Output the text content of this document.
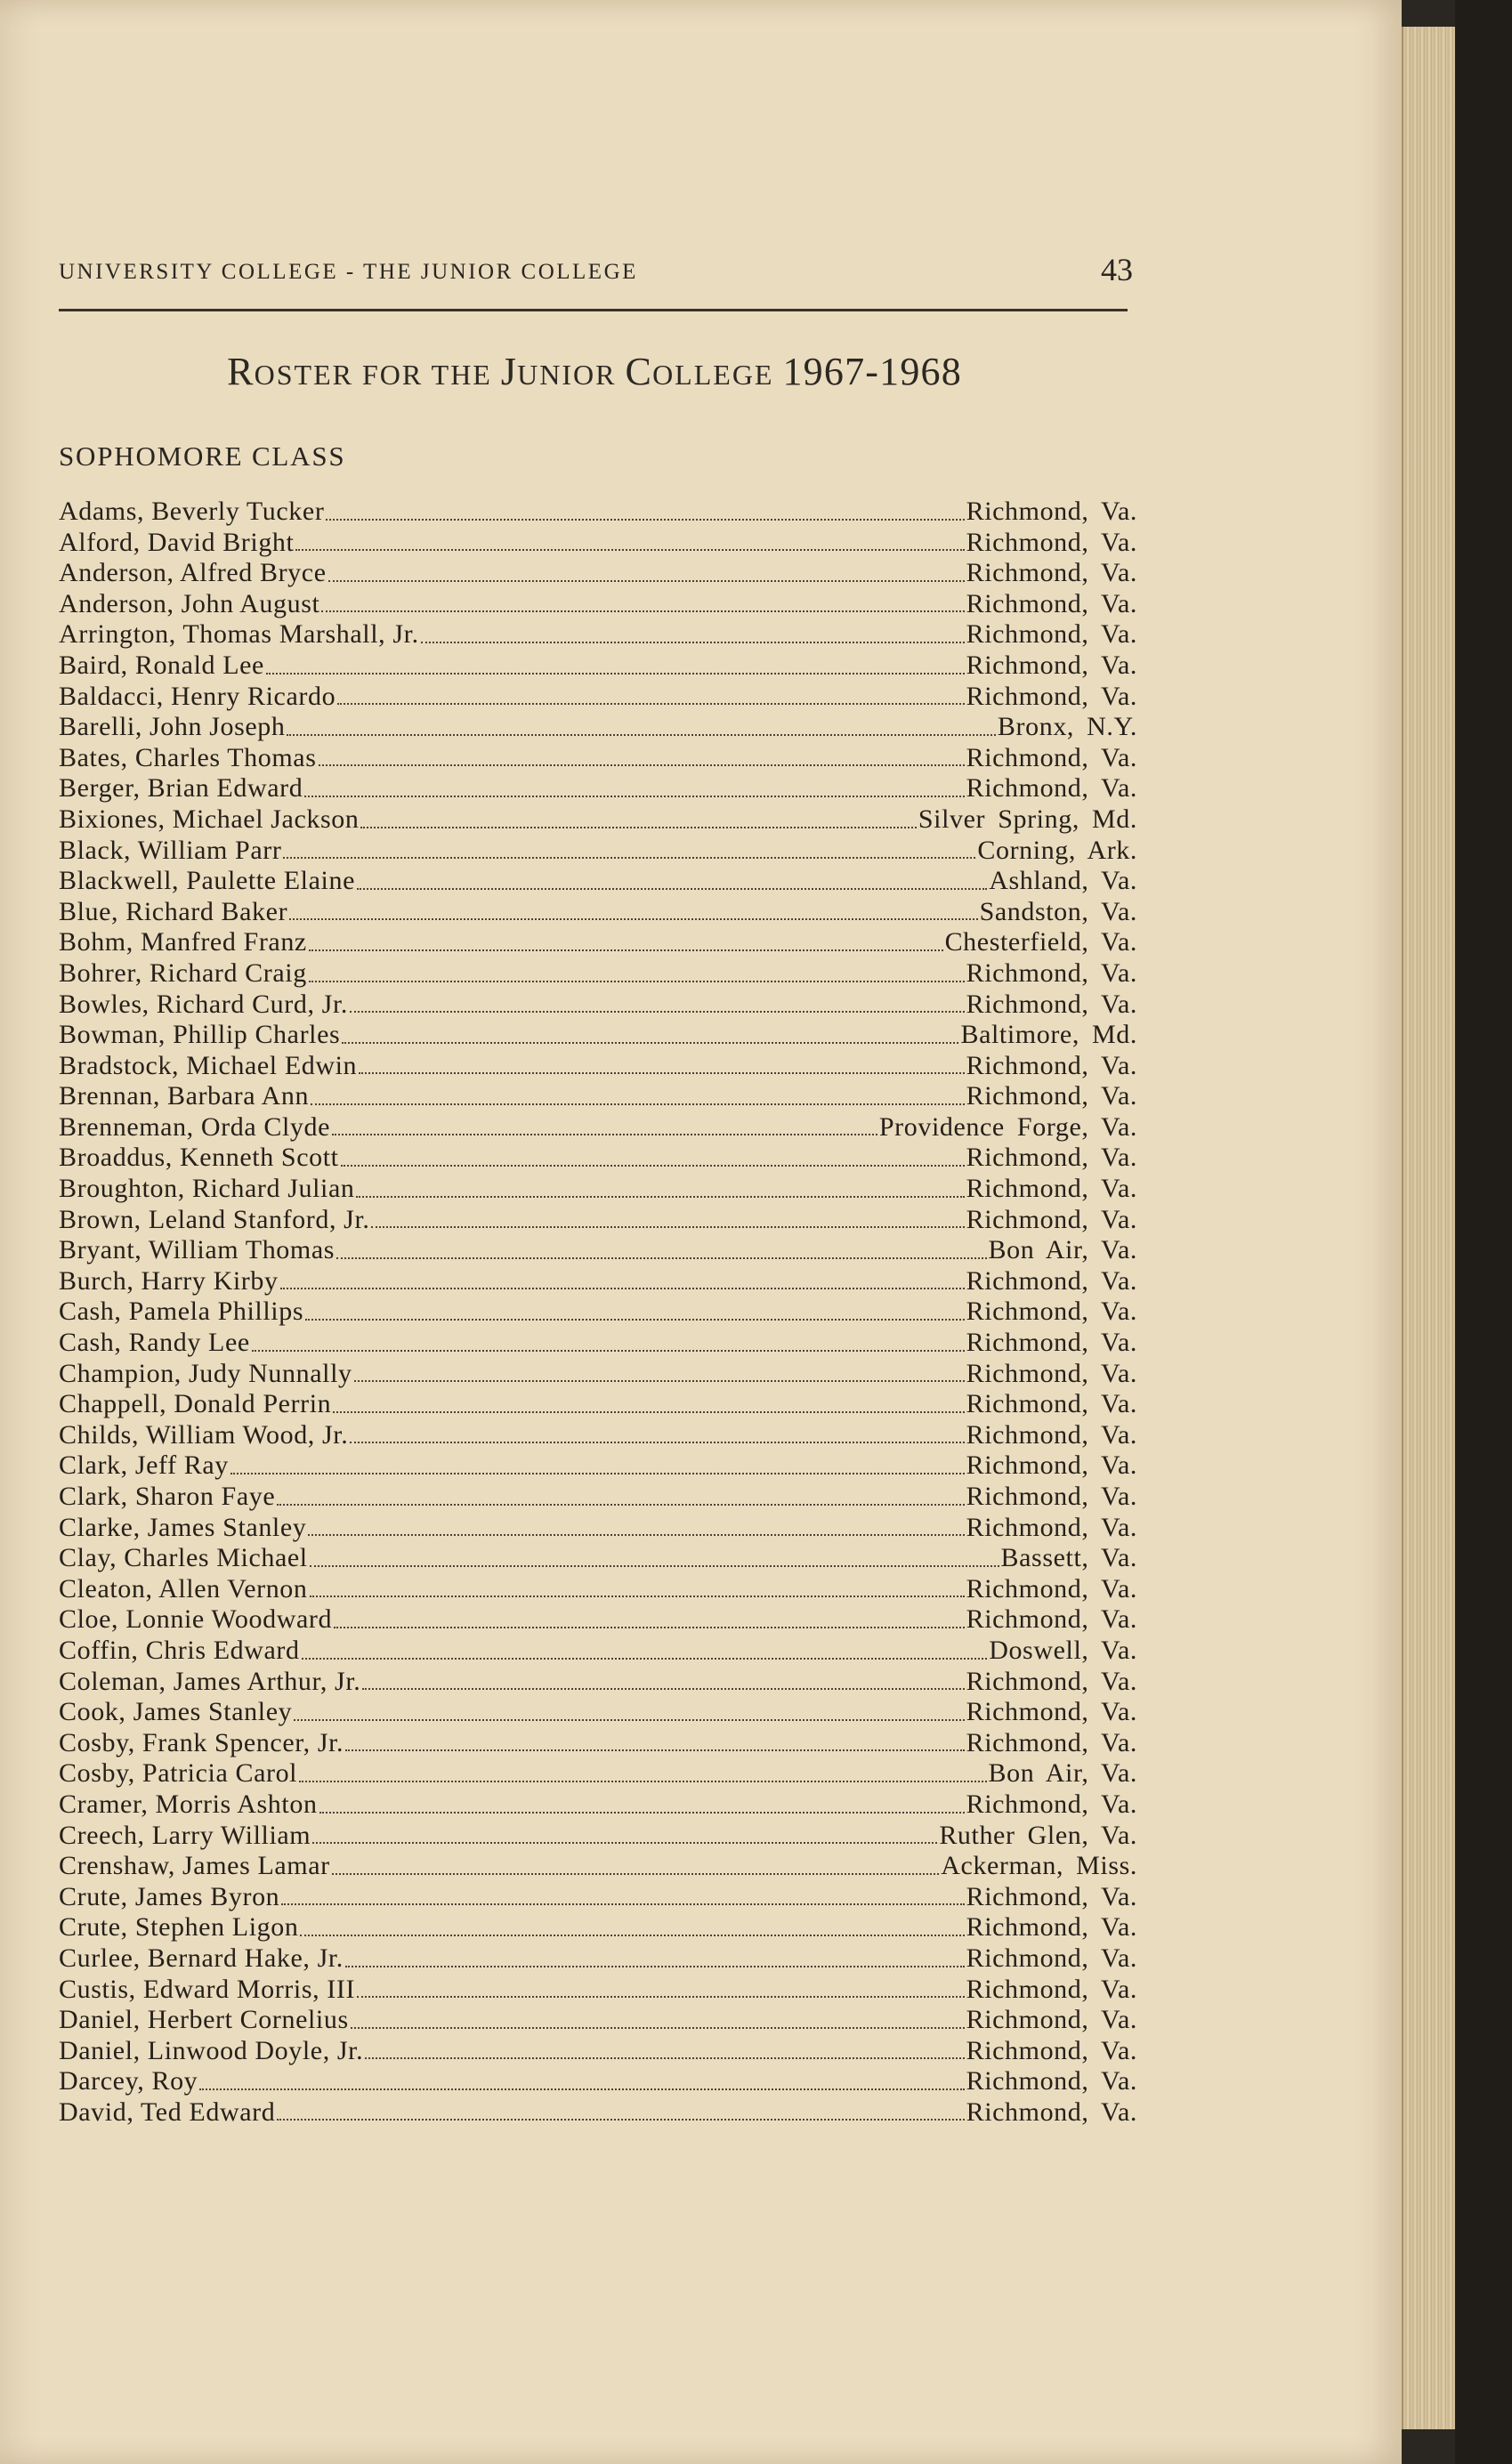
UNIVERSITY COLLEGE - THE JUNIOR COLLEGE	43
ROSTER FOR THE JUNIOR COLLEGE 1967-1968
SOPHOMORE CLASS
Adams, Beverly Tucker	Richmond, Va.
Alford, David Bright	Richmond, Va.
Anderson, Alfred Bryce	Richmond, Va.
Anderson, John August	Richmond, Va.
Arrington, Thomas Marshall, Jr.	Richmond, Va.
Baird, Ronald Lee	Richmond, Va.
Baldacci, Henry Ricardo	Richmond, Va.
Barelli, John Joseph	Bronx, N.Y.
Bates, Charles Thomas	Richmond, Va.
Berger, Brian Edward	Richmond, Va.
Bixiones, Michael Jackson	Silver Spring, Md.
Black, William Parr	Corning, Ark.
Blackwell, Paulette Elaine	Ashland, Va.
Blue, Richard Baker	Sandston, Va.
Bohm, Manfred Franz	Chesterfield, Va.
Bohrer, Richard Craig	Richmond, Va.
Bowles, Richard Curd, Jr.	Richmond, Va.
Bowman, Phillip Charles	Baltimore, Md.
Bradstock, Michael Edwin	Richmond, Va.
Brennan, Barbara Ann	Richmond, Va.
Brenneman, Orda Clyde	Providence Forge, Va.
Broaddus, Kenneth Scott	Richmond, Va.
Broughton, Richard Julian	Richmond, Va.
Brown, Leland Stanford, Jr.	Richmond, Va.
Bryant, William Thomas	Bon Air, Va.
Burch, Harry Kirby	Richmond, Va.
Cash, Pamela Phillips	Richmond, Va.
Cash, Randy Lee	Richmond, Va.
Champion, Judy Nunnally	Richmond, Va.
Chappell, Donald Perrin	Richmond, Va.
Childs, William Wood, Jr.	Richmond, Va.
Clark, Jeff Ray	Richmond, Va.
Clark, Sharon Faye	Richmond, Va.
Clarke, James Stanley	Richmond, Va.
Clay, Charles Michael	Bassett, Va.
Cleaton, Allen Vernon	Richmond, Va.
Cloe, Lonnie Woodward	Richmond, Va.
Coffin, Chris Edward	Doswell, Va.
Coleman, James Arthur, Jr.	Richmond, Va.
Cook, James Stanley	Richmond, Va.
Cosby, Frank Spencer, Jr.	Richmond, Va.
Cosby, Patricia Carol	Bon Air, Va.
Cramer, Morris Ashton	Richmond, Va.
Creech, Larry William	Ruther Glen, Va.
Crenshaw, James Lamar	Ackerman, Miss.
Crute, James Byron	Richmond, Va.
Crute, Stephen Ligon	Richmond, Va.
Curlee, Bernard Hake, Jr.	Richmond, Va.
Custis, Edward Morris, III	Richmond, Va.
Daniel, Herbert Cornelius	Richmond, Va.
Daniel, Linwood Doyle, Jr.	Richmond, Va.
Darcey, Roy	Richmond, Va.
David, Ted Edward	Richmond, Va.
